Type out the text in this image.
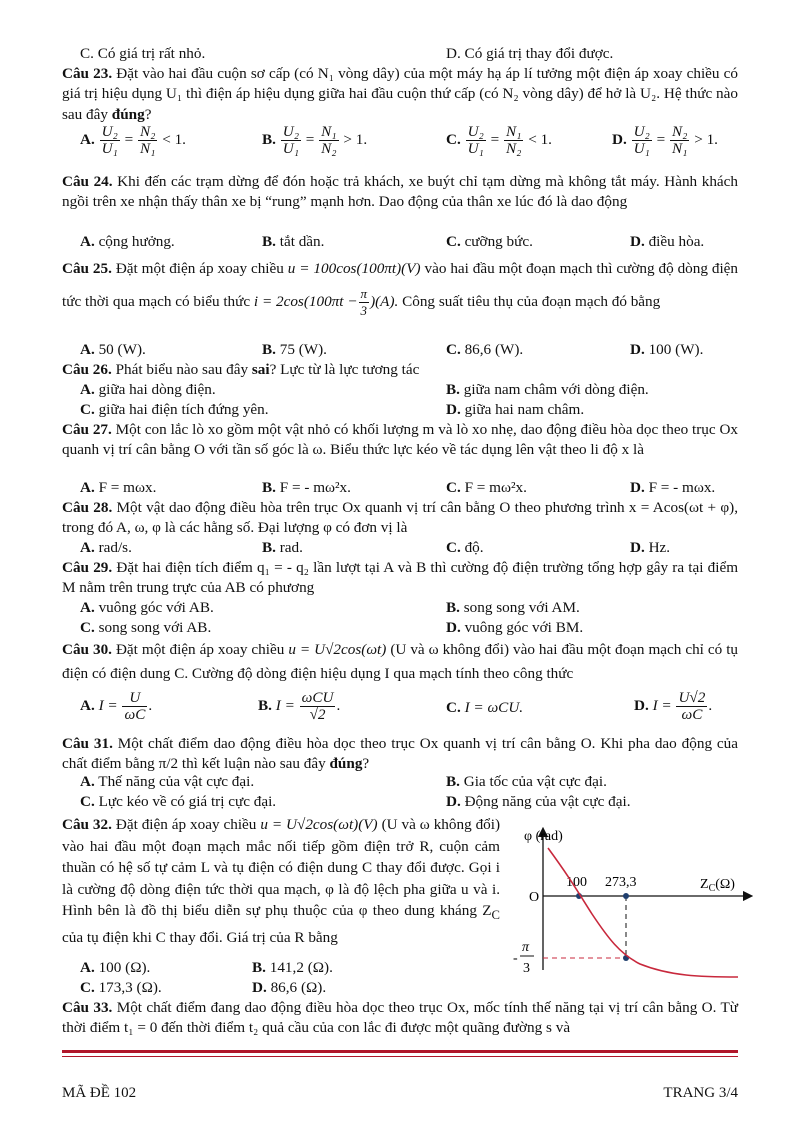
C. Có giá trị rất nhỏ.	D. Có giá trị thay đổi được.
Câu 23. Đặt vào hai đầu cuộn sơ cấp (có N₁ vòng dây) của một máy hạ áp lí tưởng một điện áp xoay chiều có giá trị hiệu dụng U₁ thì điện áp hiệu dụng giữa hai đầu cuộn thứ cấp (có N₂ vòng dây) để hở là U₂. Hệ thức nào sau đây đúng?
A. $\frac{\text{U₂}}{\text{U₁}} = \frac{\text{N₂}}{\text{N₁}} < 1$.	B. $\frac{\text{U₂}}{\text{U₁}} = \frac{\text{N₁}}{\text{N₂}} > 1$.	C. $\frac{\text{U₂}}{\text{U₁}} = \frac{\text{N₁}}{\text{N₂}} < 1$.	D. $\frac{\text{U₂}}{\text{U₁}} = \frac{\text{N₂}}{\text{N₁}} > 1$.
Câu 24. Khi đến các trạm dừng để đón hoặc trả khách, xe buýt chỉ tạm dừng mà không tắt máy. Hành khách ngồi trên xe nhận thấy thân xe bị “rung” mạnh hơn. Dao động của thân xe lúc đó là dao động
A. cộng hưởng.	B. tắt dần.	C. cưỡng bức.	D. điều hòa.
Câu 25. Đặt một điện áp xoay chiều u = 100cos(100πt)(V) vào hai đầu một đoạn mạch thì cường độ dòng điện tức thời qua mạch có biểu thức $i = 2\cos(100\pi t - \frac{\pi}{3} )(A)$. Công suất tiêu thụ của đoạn mạch đó bằng
A. 50 (W).	B. 75 (W).	C. 86,6 (W).	D. 100 (W).
Câu 26. Phát biểu nào sau đây sai? Lực từ là lực tương tác
A. giữa hai dòng điện.	B. giữa nam châm với dòng điện.
C. giữa hai điện tích đứng yên.	D. giữa hai nam châm.
Câu 27. Một con lắc lò xo gồm một vật nhỏ có khối lượng m và lò xo nhẹ, dao động điều hòa dọc theo trục Ox quanh vị trí cân bằng O với tần số góc là ω. Biểu thức lực kéo về tác dụng lên vật theo li độ x là
A. F = mωx.	B. F = - mω²x.	C. F = mω²x.	D. F = - mωx.
Câu 28. Một vật dao động điều hòa trên trục Ox quanh vị trí cân bằng O theo phương trình x = Acos(ωt + φ), trong đó A, ω, φ là các hằng số. Đại lượng φ có đơn vị là
A. rad/s.	B. rad.	C. độ.	D. Hz.
Câu 29. Đặt hai điện tích điểm q₁ = - q₂ lần lượt tại A và B thì cường độ điện trường tổng hợp gây ra tại điểm M nằm trên trung trực của AB có phương
A. vuông góc với AB.	B. song song với AM.
C. song song với AB.	D. vuông góc với BM.
Câu 30. Đặt một điện áp xoay chiều u = U√2cos(ωt) (U và ω không đổi) vào hai đầu một đoạn mạch chỉ có tụ điện có điện dung C. Cường độ dòng điện hiệu dụng I qua mạch tính theo công thức
A. $I = \frac{U}{\omega C}$ .	B. $I = \frac{\text{ωCU}}{√2}$ .	C. I = ωCU.	D. $I = \frac{U√2}{\omega C}$ .
Câu 31. Một chất điểm dao động điều hòa dọc theo trục Ox quanh vị trí cân bằng O. Khi pha dao động của chất điểm bằng π/2 thì kết luận nào sau đây đúng?
A. Thế năng của vật cực đại.	B. Gia tốc của vật cực đại.
C. Lực kéo về có giá trị cực đại.	D. Động năng của vật cực đại.
Câu 32. Đặt điện áp xoay chiều u = U√2cos(ωt)(V) (U và ω không đổi) vào hai đầu một đoạn mạch mắc nối tiếp gồm điện trở R, cuộn cảm thuần có hệ số tự cảm L và tụ điện có điện dung C thay đổi được. Gọi i là cường độ dòng điện tức thời qua mạch, φ là độ lệch pha giữa u và i. Hình bên là đồ thị biểu diễn sự phụ thuộc của φ theo dung kháng $Z_C$ của tụ điện khi C thay đổi. Giá trị của R bằng
A. 100 (Ω).	B. 141,2 (Ω).
C. 173,3 (Ω).	D. 86,6 (Ω).
φ (rad)
$Z_C(\Omega)$
O
100 273,3
-
π
3
Câu 33. Một chất điểm đang dao động điều hòa dọc theo trục Ox, mốc tính thế năng tại vị trí cân bằng O. Từ thời điểm t₁ = 0 đến thời điểm t₂ quả cầu của con lắc đi được một quãng đường s và
MÃ ĐỀ 102	TRANG 3/4
